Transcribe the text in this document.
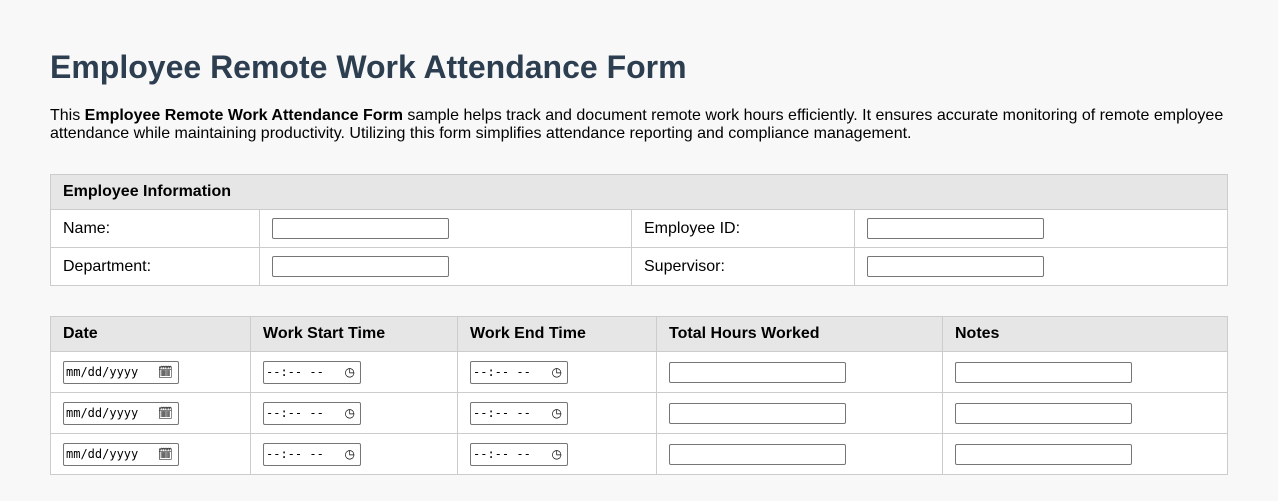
Employee Remote Work Attendance Form

This Employee Remote Work Attendance Form sample helps track and document remote work hours efficiently. It ensures accurate monitoring of remote employee attendance while maintaining productivity. Utilizing this form simplifies attendance reporting and compliance management.

Employee Information			
Name:		Employee ID:	
Department:		Supervisor:	
Date	Work Start Time	Work End Time	Total Hours Worked	Notes

mm/dd/yyyy 🗓︎	--:-- -- ◷	--:-- -- ◷		

mm/dd/yyyy 🗓︎	--:-- -- ◷	--:-- -- ◷		

mm/dd/yyyy 🗓︎	--:-- -- ◷	--:-- -- ◷		
